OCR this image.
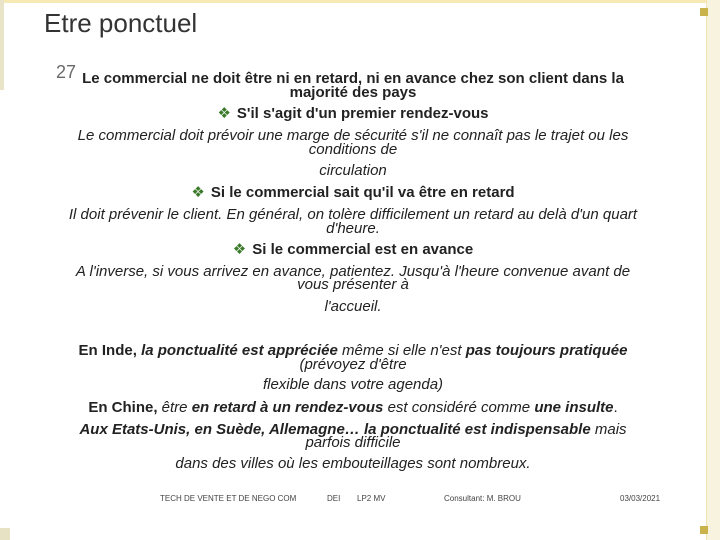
Etre ponctuel
27 Le commercial ne doit être ni en retard, ni en avance chez son client dans la
majorité des pays
❖ S'il s'agit d'un premier rendez-vous
Le commercial doit prévoir une marge de sécurité s'il ne connaît pas le trajet ou les
conditions de
circulation
❖ Si le commercial sait qu'il va être en retard
Il doit prévenir le client. En général, on tolère difficilement un retard au delà d'un quart
d'heure.
❖ Si le commercial est en avance
A l'inverse, si vous arrivez en avance, patientez. Jusqu'à l'heure convenue avant de
vous présenter à
l'accueil.
En Inde, la ponctualité est appréciée même si elle n'est pas toujours pratiquée
(prévoyez d'être
flexible dans votre agenda)
En Chine, être en retard à un rendez-vous est considéré comme une insulte.
Aux Etats-Unis, en Suède, Allemagne… la ponctualité est indispensable mais
parfois difficile
dans des villes où les embouteillages sont nombreux.
TECH DE VENTE ET DE NEGO COM	DEI LP2 MV	Consultant: M. BROU	03/03/2021
